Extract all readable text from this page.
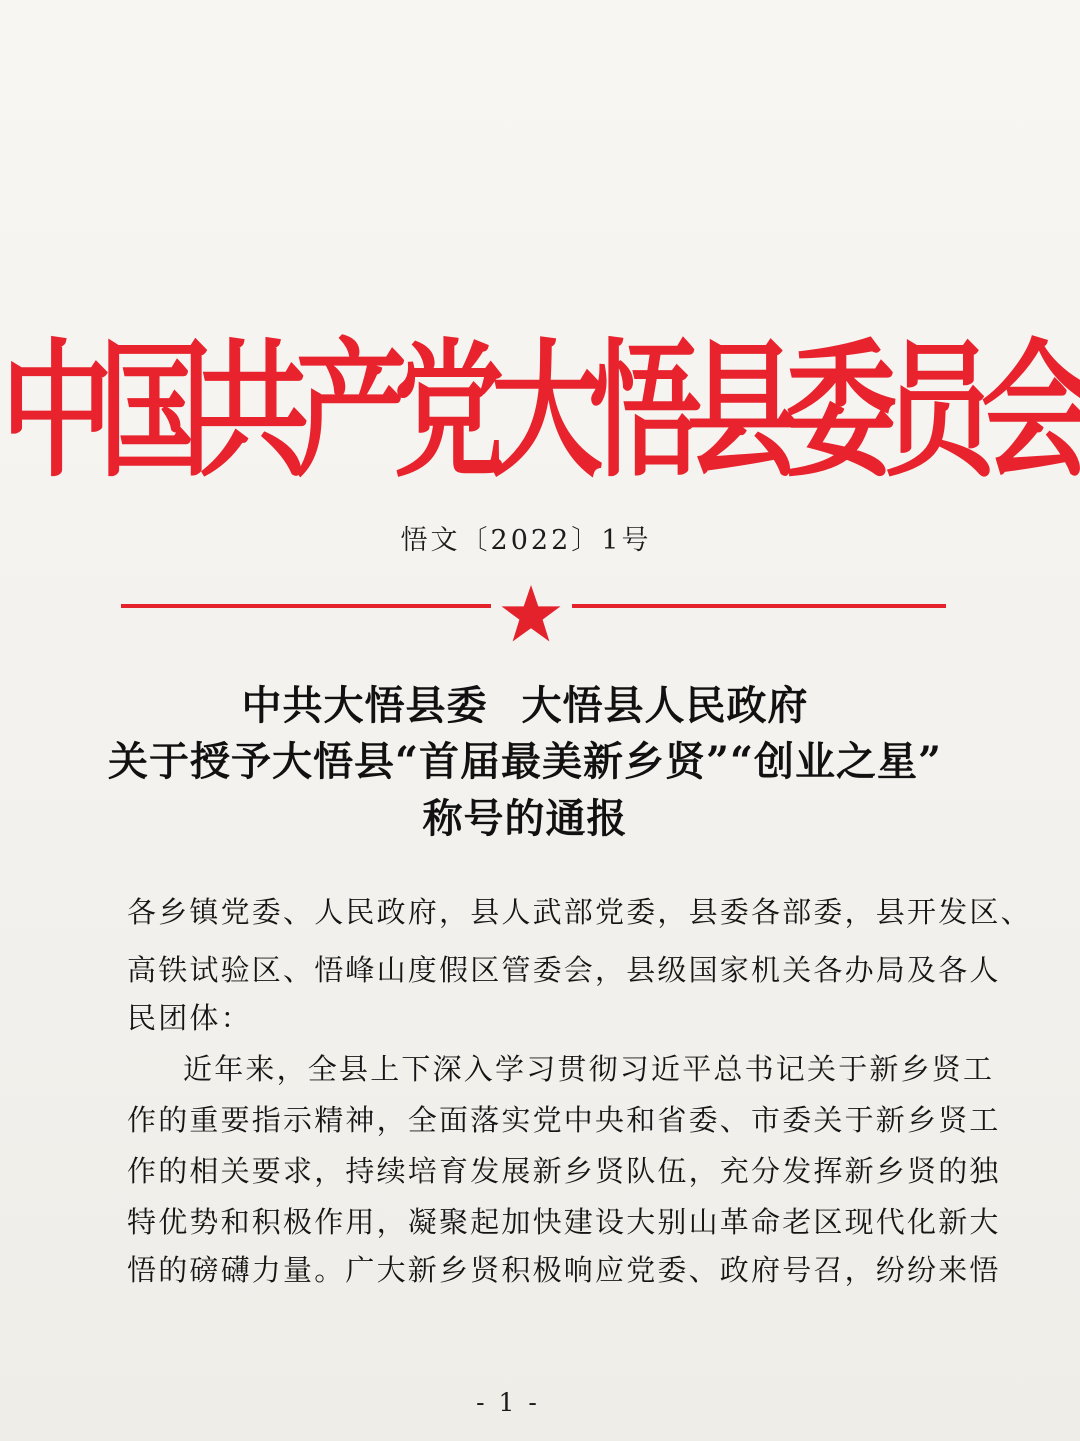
中国共产党大悟县委员会
悟文〔2022〕1号
中共大悟县委 大悟县人民政府
关于授予大悟县“首届最美新乡贤”“创业之星”
称号的通报
各乡镇党委、人民政府，县人武部党委，县委各部委，县开发区、
高铁试验区、悟峰山度假区管委会，县级国家机关各办局及各人
民团体：
近年来，全县上下深入学习贯彻习近平总书记关于新乡贤工
作的重要指示精神，全面落实党中央和省委、市委关于新乡贤工
作的相关要求，持续培育发展新乡贤队伍，充分发挥新乡贤的独
特优势和积极作用，凝聚起加快建设大别山革命老区现代化新大
悟的磅礴力量。广大新乡贤积极响应党委、政府号召，纷纷来悟
- 1 -
